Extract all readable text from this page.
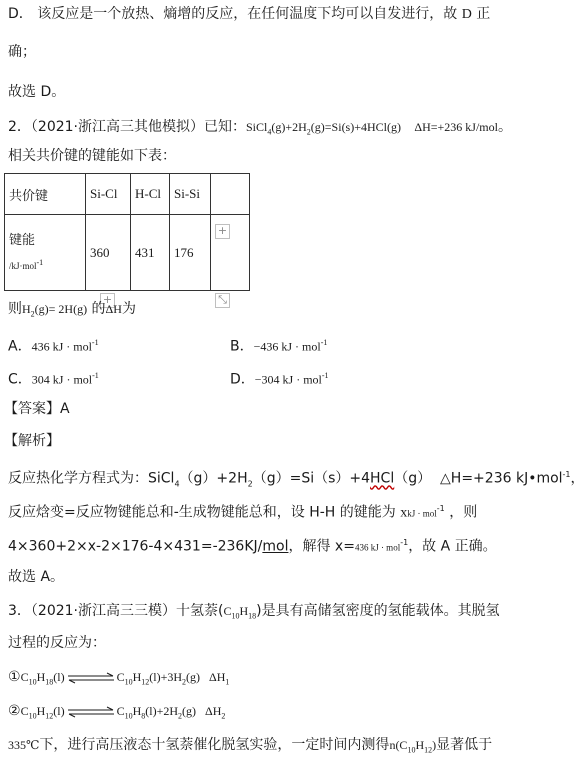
D． 该反应是一个放热、熵增的反应，在任何温度下均可以自发进行，故 D 正
确；
故选 D。
2．（2021·浙江高三其他模拟）已知：$SiCl_4(g)+2H_2(g)=Si(s)+4HCl(g)$ ΔH=+236 kJ/mol。
相关共价键的键能如下表：
共价键	Si-Cl	H-Cl	Si-Si	

键能
/kJ·mol$^{-1}$	360	431	176	
+
+	⤡
则$H_2(g)= 2H(g)$ 的ΔH为
A．436 kJ · mol$^{-1}$	B．−436 kJ · mol$^{-1}$
C．304 kJ · mol$^{-1}$	D．−304 kJ · mol$^{-1}$
【答案】A
【解析】
反应热化学方程式为：$SiCl_4(g)+2H_2(g)=Si(s)+4HCl(g)$ △H=+236 kJ•mol$^{-1}$，
反应焓变=反应物键能总和-生成物键能总和，设 H-H 的键能为 xkJ · mol$^{-1}$ ，则
4×360+2×x-2×176-4×431=-236KJ/mol，解得 x=436 kJ · mol$^{-1}$，故 A 正确。
故选 A。
3．（2021·浙江高三三模）十氢萘$(C_{10}H_{18})$是具有高储氢密度的氢能载体。其脱氢
过程的反应为：
$①C_{10}H_{18}(l)$ ⇌ $C_{10}H_{12}(l)+3H_2(g)$ $\Delta H_1$
$②C_{10}H_{12}(l)$ ⇌ $C_{10}H_8(l)+2H_2(g)$ $\Delta H_2$
335℃下，进行高压液态十氢萘催化脱氢实验，一定时间内测得$n(C_{10}H_{12})$显著低于
